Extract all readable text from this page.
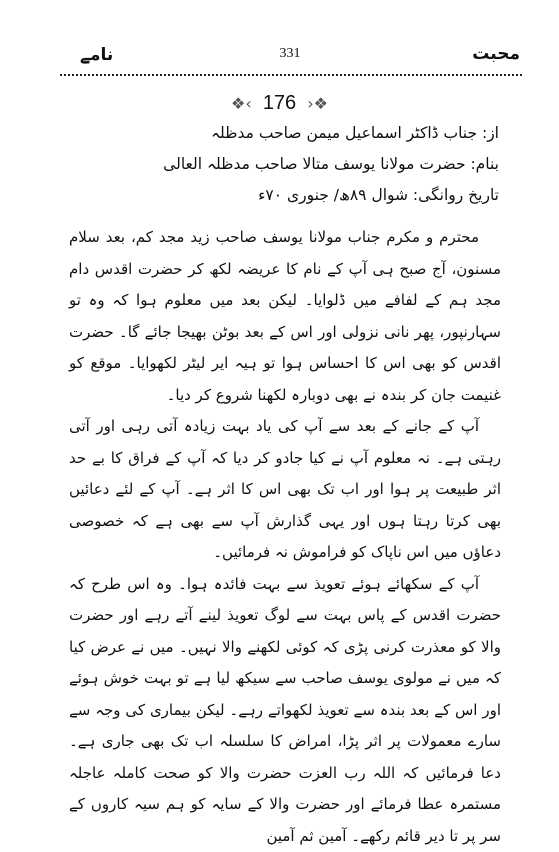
محبت
331
نامے
❖‹ 176 ›❖
از: جناب ڈاکٹر اسماعیل میمن صاحب مدظلہ
بنام: حضرت مولانا یوسف متالا صاحب مدظلہ العالی
تاریخ روانگی: شوال ۸۹ھ/ جنوری ۷۰ء

محترم و مکرم جناب مولانا یوسف صاحب زید مجد کم، بعد سلام مسنون، آج صبح ہی آپ کے نام کا عریضہ لکھ کر حضرت اقدس دام مجد ہم کے لفافے میں ڈلوایا۔ لیکن بعد میں معلوم ہوا کہ وہ تو سہارنپور، پھر نانی نزولی اور اس کے بعد بوٹن بھیجا جائے گا۔ حضرت اقدس کو بھی اس کا احساس ہوا تو ہیہ ایر لیٹر لکھوایا۔ موقع کو غنیمت جان کر بندہ نے بھی دوبارہ لکھنا شروع کر دیا۔

آپ کے جانے کے بعد سے آپ کی یاد بہت زیادہ آتی رہی اور آتی رہتی ہے۔ نہ معلوم آپ نے کیا جادو کر دیا کہ آپ کے فراق کا بے حد اثر طبیعت پر ہوا اور اب تک بھی اس کا اثر ہے۔ آپ کے لئے دعائیں بھی کرتا رہتا ہوں اور یہی گذارش آپ سے بھی ہے کہ خصوصی دعاؤں میں اس ناپاک کو فراموش نہ فرمائیں۔

آپ کے سکھائے ہوئے تعویذ سے بہت فائدہ ہوا۔ وہ اس طرح کہ حضرت اقدس کے پاس بہت سے لوگ تعویذ لینے آتے رہے اور حضرت والا کو معذرت کرنی پڑی کہ کوئی لکھنے والا نہیں۔ میں نے عرض کیا کہ میں نے مولوی یوسف صاحب سے سیکھ لیا ہے تو بہت خوش ہوئے اور اس کے بعد بندہ سے تعویذ لکھواتے رہے۔ لیکن بیماری کی وجہ سے سارے معمولات پر اثر پڑا، امراض کا سلسلہ اب تک بھی جاری ہے۔ دعا فرمائیں کہ اللہ رب العزت حضرت والا کو صحت کاملہ عاجلہ مستمرہ عطا فرمائے اور حضرت والا کے سایہ کو ہم سیہ کاروں کے سر پر تا دیر قائم رکھے۔ آمین ثم آمین
